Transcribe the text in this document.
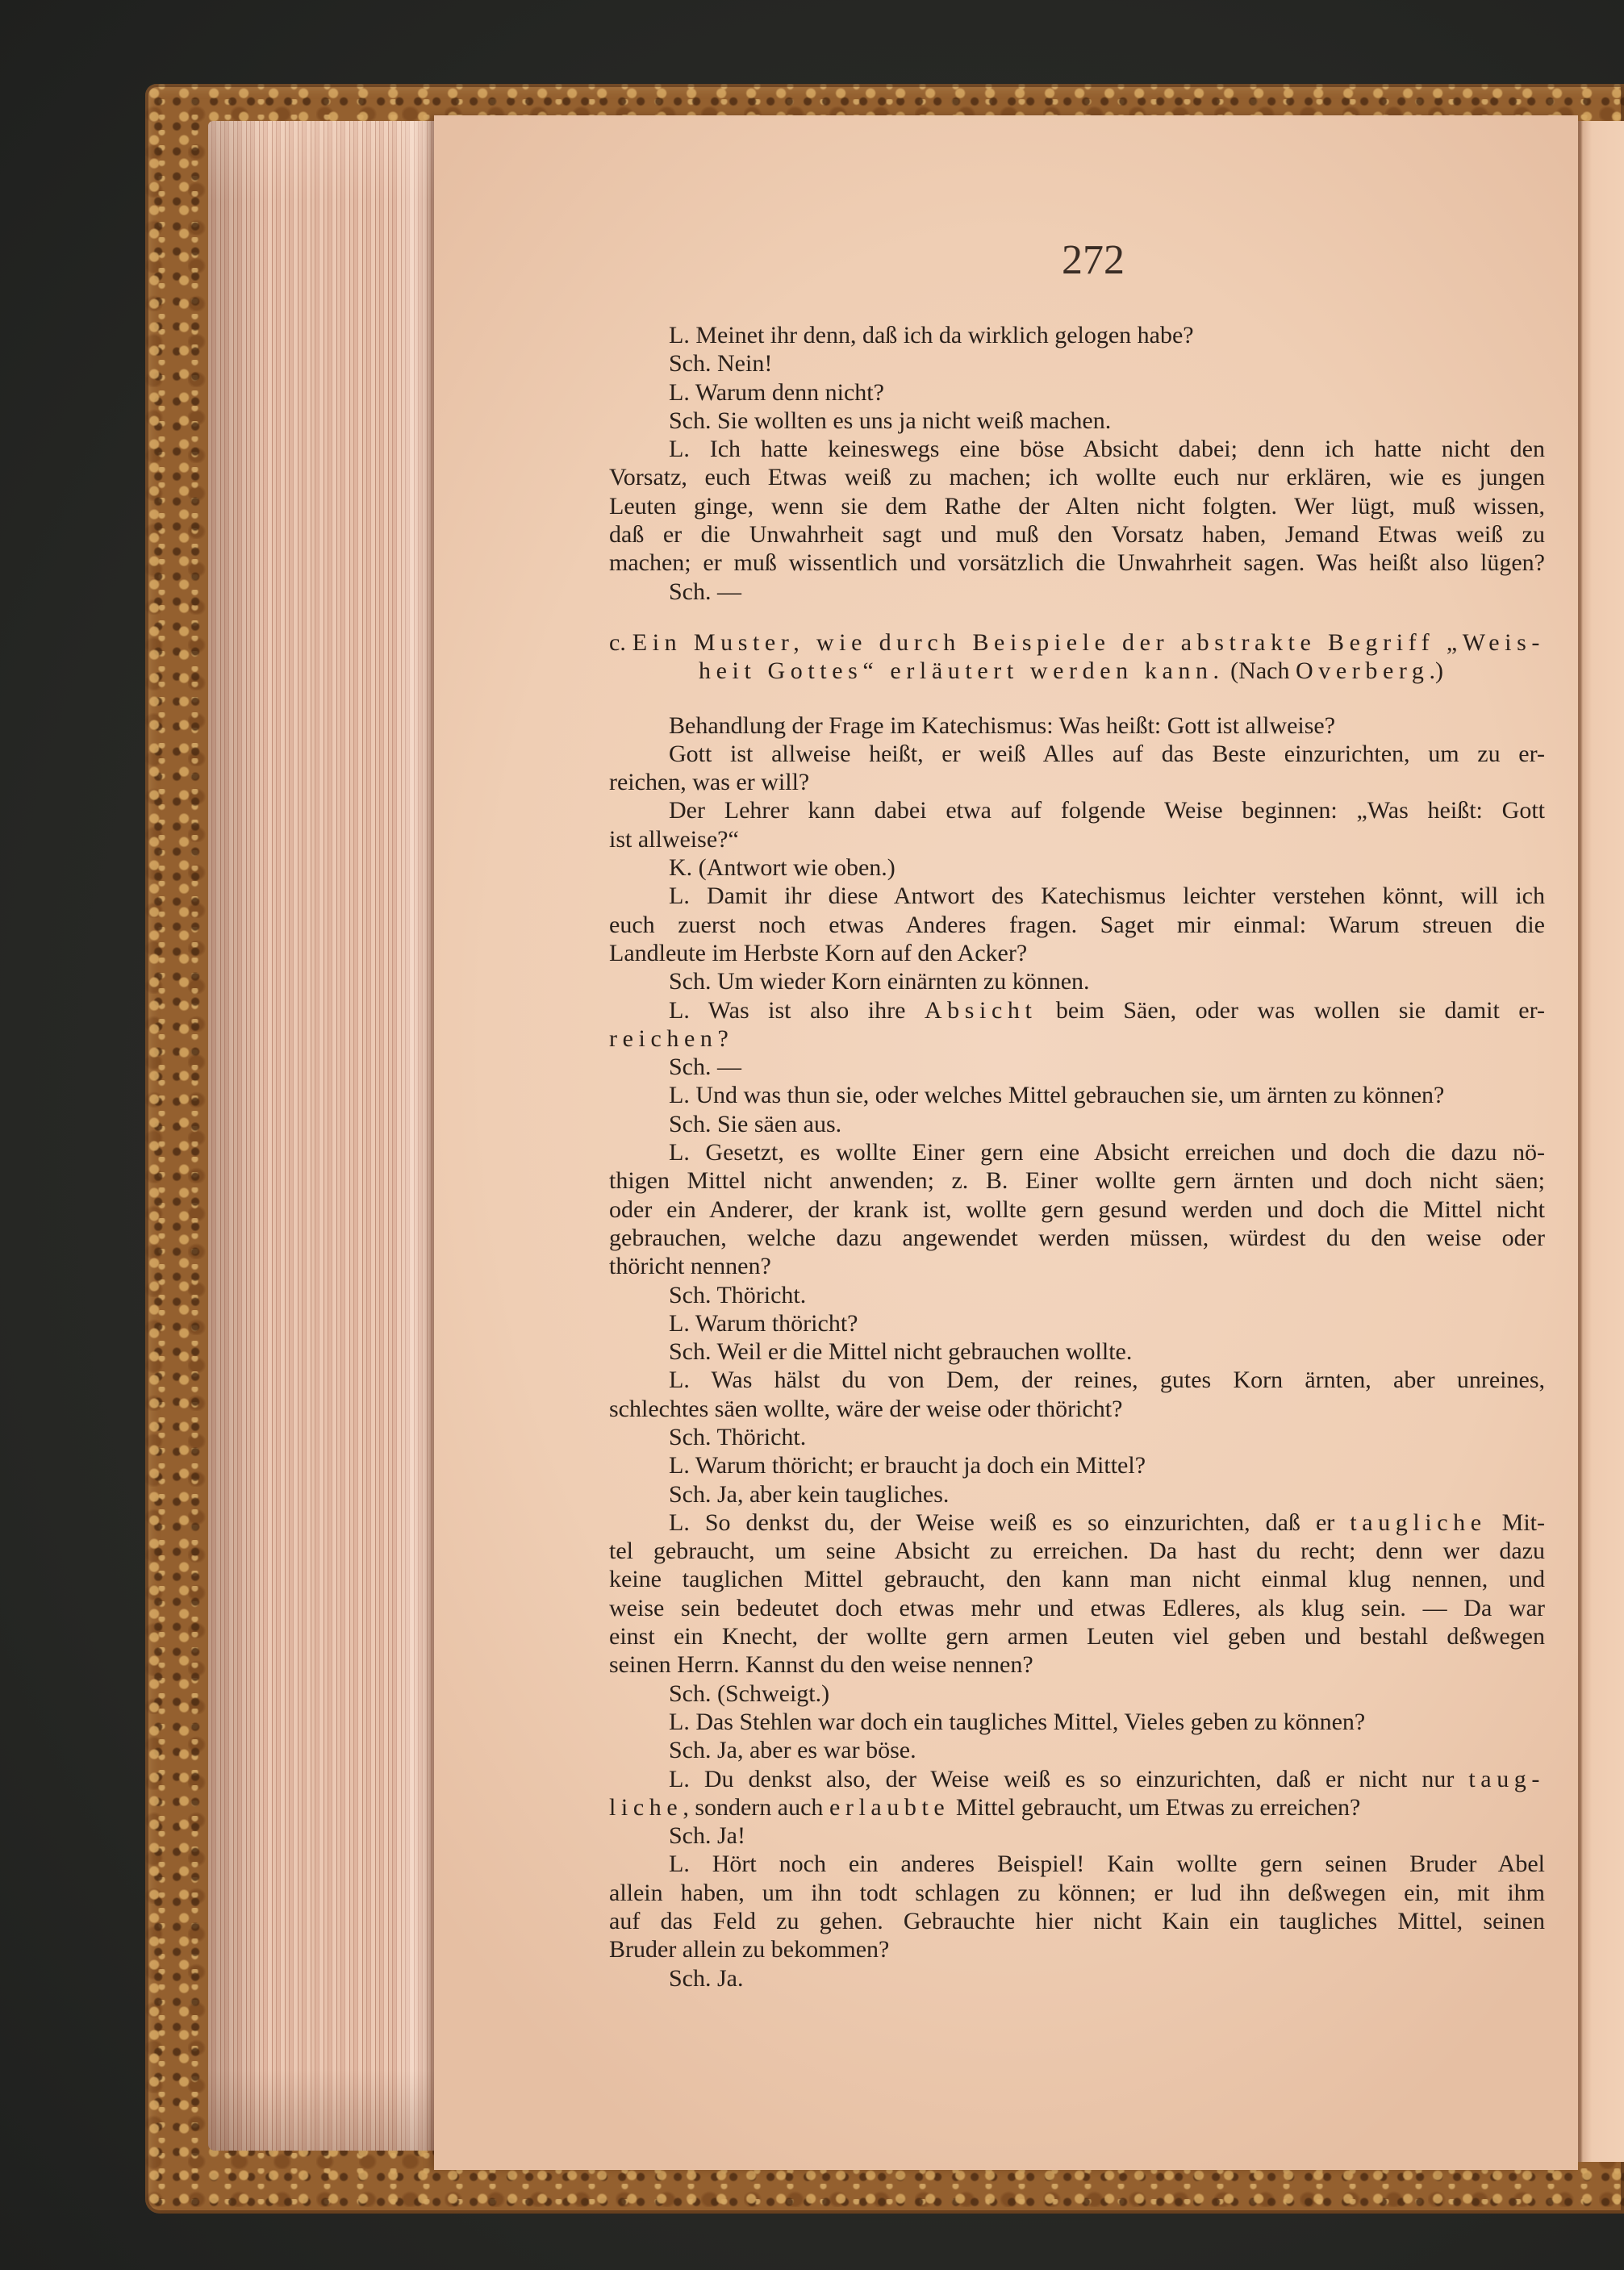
272
L. Meinet ihr denn, daß ich da wirklich gelogen habe?
Sch. Nein!
L. Warum denn nicht?
Sch. Sie wollten es uns ja nicht weiß machen.
L. Ich hatte keineswegs eine böse Absicht dabei; denn ich hatte nicht den
Vorsatz, euch Etwas weiß zu machen; ich wollte euch nur erklären, wie es jungen
Leuten ginge, wenn sie dem Rathe der Alten nicht folgten. Wer lügt, muß wissen,
daß er die Unwahrheit sagt und muß den Vorsatz haben, Jemand Etwas weiß zu
machen; er muß wissentlich und vorsätzlich die Unwahrheit sagen. Was heißt also lügen?
Sch. —
c. Ein Muster, wie durch Beispiele der abstrakte Begriff „Weis-
heit Gottes“ erläutert werden kann. (Nach Overberg.)
Behandlung der Frage im Katechismus: Was heißt: Gott ist allweise?
Gott ist allweise heißt, er weiß Alles auf das Beste einzurichten, um zu er-
reichen, was er will?
Der Lehrer kann dabei etwa auf folgende Weise beginnen: „Was heißt: Gott
ist allweise?“
K. (Antwort wie oben.)
L. Damit ihr diese Antwort des Katechismus leichter verstehen könnt, will ich
euch zuerst noch etwas Anderes fragen. Saget mir einmal: Warum streuen die
Landleute im Herbste Korn auf den Acker?
Sch. Um wieder Korn einärnten zu können.
L. Was ist also ihre Absicht beim Säen, oder was wollen sie damit er-
reichen?
Sch. —
L. Und was thun sie, oder welches Mittel gebrauchen sie, um ärnten zu können?
Sch. Sie säen aus.
L. Gesetzt, es wollte Einer gern eine Absicht erreichen und doch die dazu nö-
thigen Mittel nicht anwenden; z. B. Einer wollte gern ärnten und doch nicht säen;
oder ein Anderer, der krank ist, wollte gern gesund werden und doch die Mittel nicht
gebrauchen, welche dazu angewendet werden müssen, würdest du den weise oder
thöricht nennen?
Sch. Thöricht.
L. Warum thöricht?
Sch. Weil er die Mittel nicht gebrauchen wollte.
L. Was hälst du von Dem, der reines, gutes Korn ärnten, aber unreines,
schlechtes säen wollte, wäre der weise oder thöricht?
Sch. Thöricht.
L. Warum thöricht; er braucht ja doch ein Mittel?
Sch. Ja, aber kein taugliches.
L. So denkst du, der Weise weiß es so einzurichten, daß er taugliche Mit-
tel gebraucht, um seine Absicht zu erreichen. Da hast du recht; denn wer dazu
keine tauglichen Mittel gebraucht, den kann man nicht einmal klug nennen, und
weise sein bedeutet doch etwas mehr und etwas Edleres, als klug sein. — Da war
einst ein Knecht, der wollte gern armen Leuten viel geben und bestahl deßwegen
seinen Herrn. Kannst du den weise nennen?
Sch. (Schweigt.)
L. Das Stehlen war doch ein taugliches Mittel, Vieles geben zu können?
Sch. Ja, aber es war böse.
L. Du denkst also, der Weise weiß es so einzurichten, daß er nicht nur taug-
liche, sondern auch erlaubte Mittel gebraucht, um Etwas zu erreichen?
Sch. Ja!
L. Hört noch ein anderes Beispiel! Kain wollte gern seinen Bruder Abel
allein haben, um ihn todt schlagen zu können; er lud ihn deßwegen ein, mit ihm
auf das Feld zu gehen. Gebrauchte hier nicht Kain ein taugliches Mittel, seinen
Bruder allein zu bekommen?
Sch. Ja.
